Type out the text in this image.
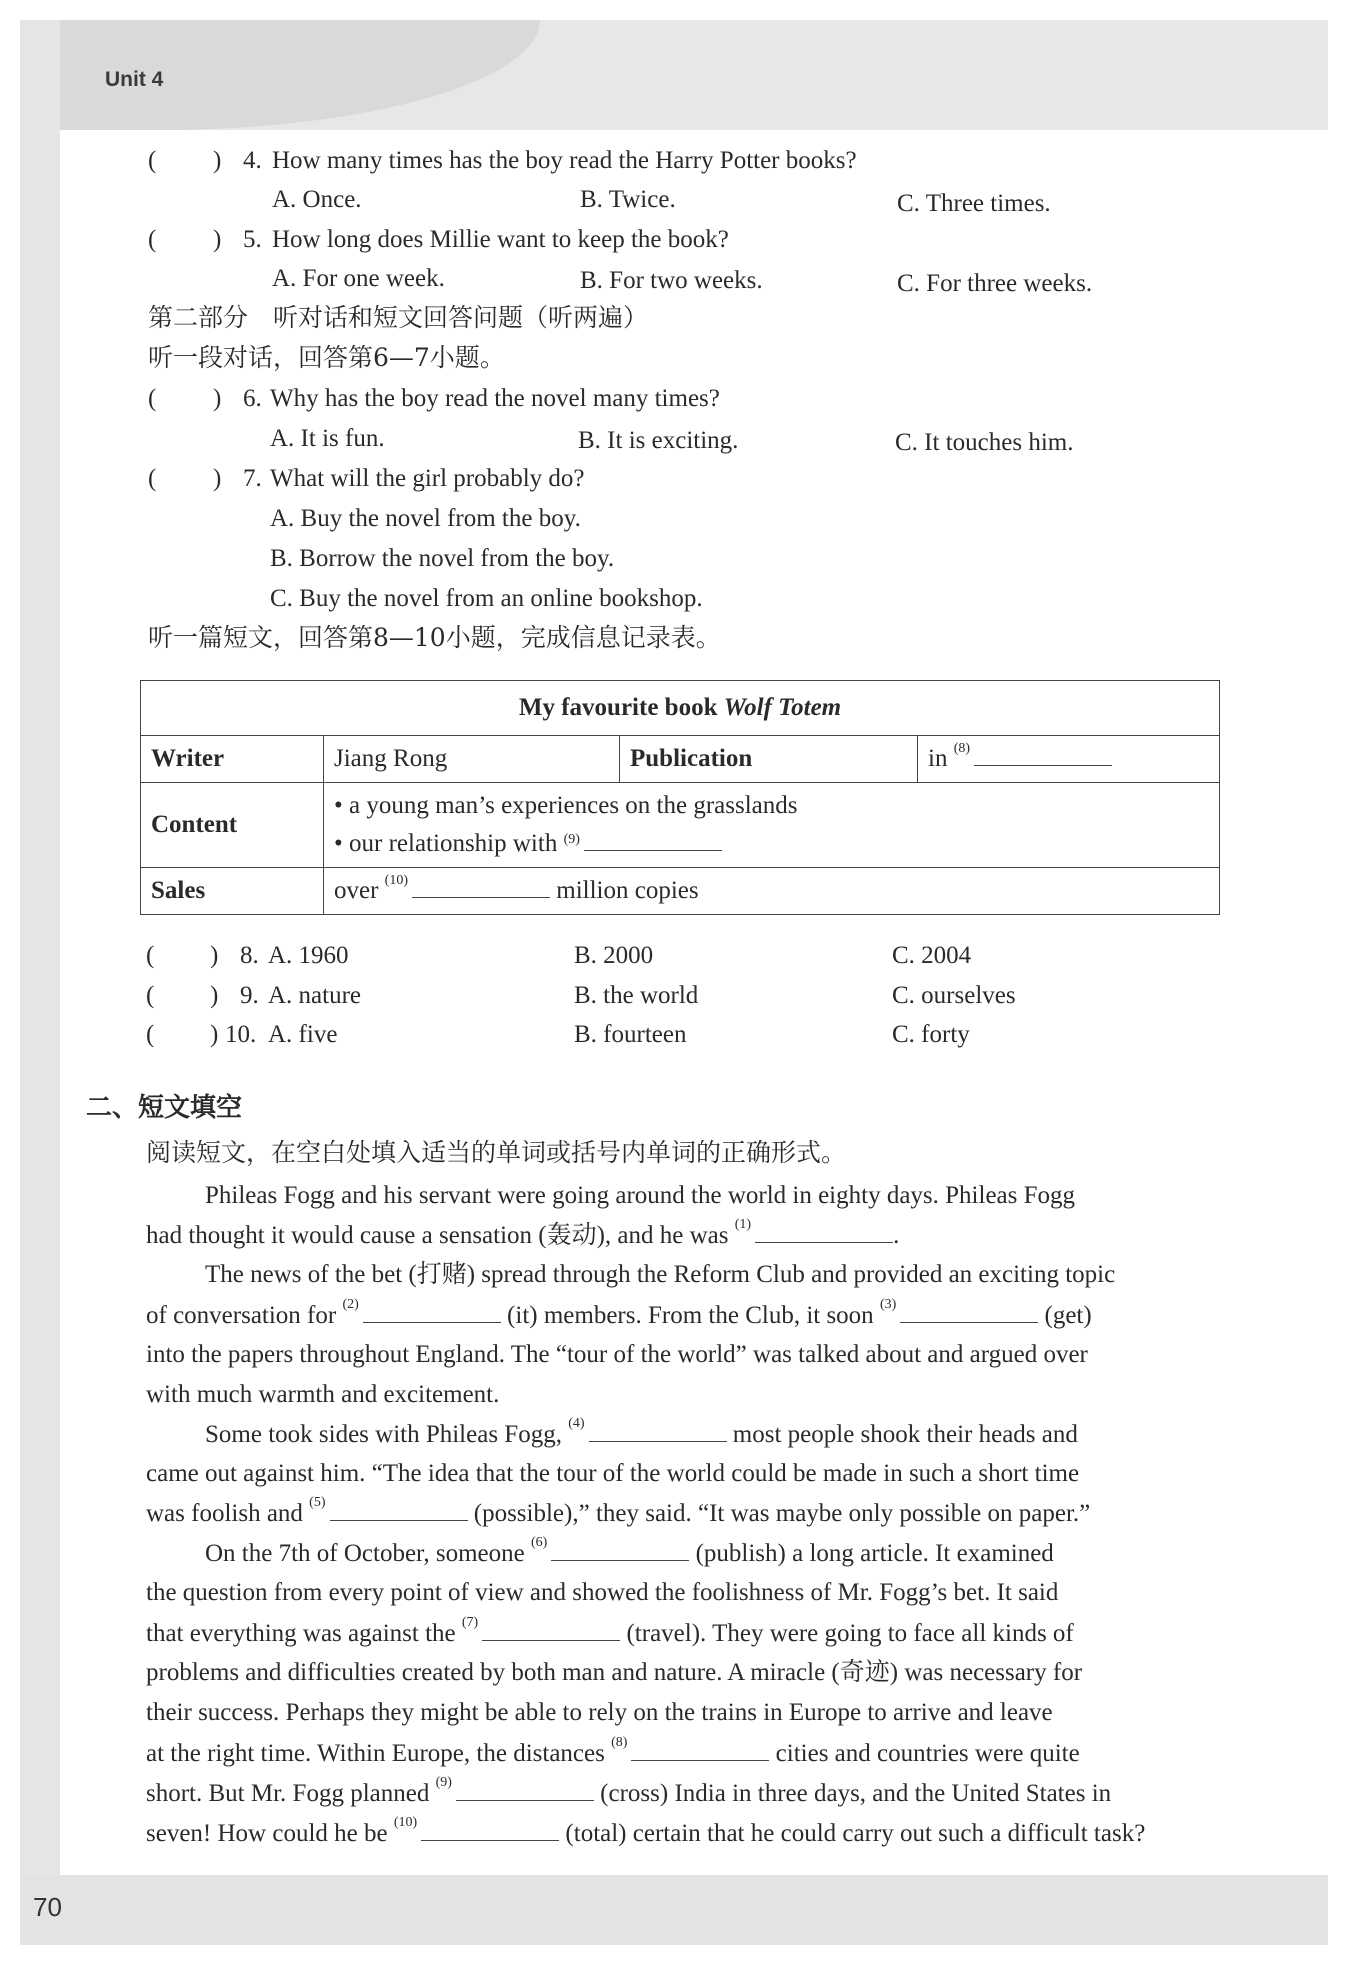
Unit 4
70
( ) 4. How many times has the boy read the Harry Potter books?
A. Once.	B. Twice.	C. Three times.
( ) 5. How long does Millie want to keep the book?
A. For one week.	B. For two weeks.	C. For three weeks.
第二部分　听对话和短文回答问题（听两遍）
听一段对话，回答第6—7小题。
( ) 6. Why has the boy read the novel many times?
A. It is fun.	B. It is exciting.	C. It touches him.
( ) 7. What will the girl probably do?
A. Buy the novel from the boy.
B. Borrow the novel from the boy.
C. Buy the novel from an online bookshop.
听一篇短文，回答第8—10小题，完成信息记录表。
My favourite book Wolf Totem			
Writer	Jiang Rong	Publication	in $^{(8)}$
Content	• a young man’s experiences on the grasslands
• our relationship with $^{(9)}$

Sales	over $^{(10)}$ million copies		
( ) 8. A. 1960	B. 2000	C. 2004
( ) 9. A. nature	B. the world	C. ourselves
( ) 10. A. five	B. fourteen	C. forty
二、短文填空
阅读短文，在空白处填入适当的单词或括号内单词的正确形式。
Phileas Fogg and his servant were going around the world in eighty days. Phileas Fogg
had thought it would cause a sensation (轰动), and he was $^{(1)}$	.
The news of the bet (打赌) spread through the Reform Club and provided an exciting topic
of conversation for $^{(2)}$	(it) members. From the Club, it soon $^{(3)}$	(get)
into the papers throughout England. The “tour of the world” was talked about and argued over
with much warmth and excitement.
Some took sides with Phileas Fogg, $^{(4)}$	most people shook their heads and
came out against him. “The idea that the tour of the world could be made in such a short time
was foolish and $^{(5)}$	(possible),” they said. “It was maybe only possible on paper.”
On the 7th of October, someone $^{(6)}$	(publish) a long article. It examined
the question from every point of view and showed the foolishness of Mr. Fogg’s bet. It said
that everything was against the $^{(7)}$	(travel). They were going to face all kinds of
problems and difficulties created by both man and nature. A miracle (奇迹) was necessary for
their success. Perhaps they might be able to rely on the trains in Europe to arrive and leave
at the right time. Within Europe, the distances $^{(8)}$	cities and countries were quite
short. But Mr. Fogg planned $^{(9)}$	(cross) India in three days, and the United States in
seven! How could he be $^{(10)}$	(total) certain that he could carry out such a difficult task?
